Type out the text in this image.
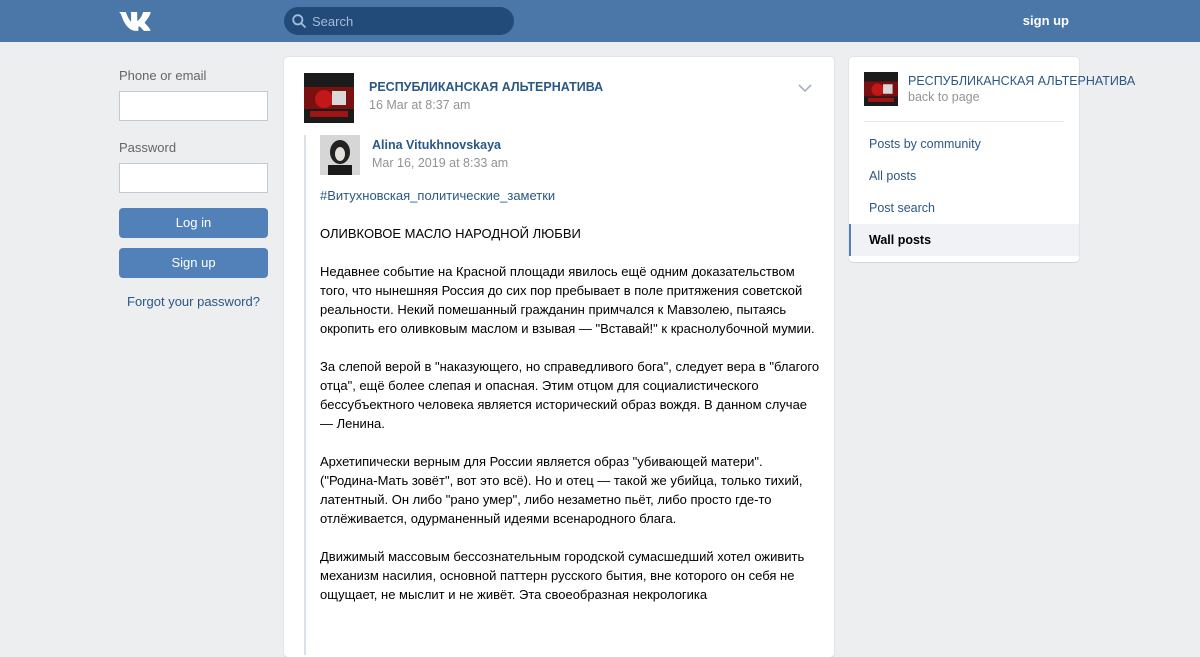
Search
sign up
Phone or email
Password
Log in
Sign up
Forgot your password?
РЕСПУБЛИКАНСКАЯ АЛЬТЕРНАТИВА
16 Mar at 8:37 am
Alina Vitukhnovskaya
Mar 16, 2019 at 8:33 am

#Витухновская_политические_заметки

ОЛИВКОВОЕ МАСЛО НАРОДНОЙ ЛЮБВИ

Недавнее событие на Красной площади явилось ещё одним доказательством того, что нынешняя Россия до сих пор пребывает в поле притяжения советской реальности. Некий помешанный гражданин примчался к Мавзолею, пытаясь окропить его оливковым маслом и взывая — "Вставай!" к краснолубочной мумии.

За слепой верой в "наказующего, но справедливого бога", следует вера в "благого отца", ещё более слепая и опасная. Этим отцом для социалистического бессубъектного человека является исторический образ вождя. В данном случае — Ленина.

Архетипически верным для России является образ "убивающей матери". ("Родина-Мать зовёт", вот это всё). Но и отец — такой же убийца, только тихий, латентный. Он либо "рано умер", либо незаметно пьёт, либо просто где-то отлёживается, одурманенный идеями всенародного блага.

Движимый массовым бессознательным городской сумасшедший хотел оживить механизм насилия, основной паттерн русского бытия, вне которого он себя не ощущает, не мыслит и не живёт. Эта своеобразная некрологика

РЕСПУБЛИКАНСКАЯ АЛЬТЕРНАТИВА
back to page
Posts by community
All posts
Post search
Wall posts
